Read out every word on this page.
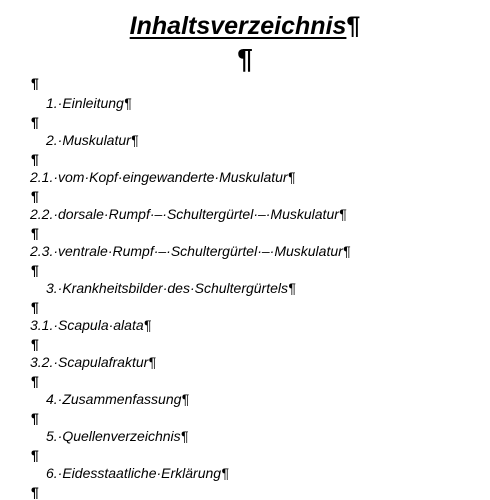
Inhaltsverzeichnis¶
¶
¶
1.·Einleitung¶
¶
2.·Muskulatur¶
¶
2.1.·vom·Kopf·eingewanderte·Muskulatur¶
¶
2.2.·dorsale·Rumpf·–·Schultergürtel·–·Muskulatur¶
¶
2.3.·ventrale·Rumpf·–·Schultergürtel·–·Muskulatur¶
¶
3.·Krankheitsbilder·des·Schultergürtels¶
¶
3.1.·Scapula·alata¶
¶
3.2.·Scapulafraktur¶
¶
4.·Zusammenfassung¶
¶
5.·Quellenverzeichnis¶
¶
6.·Eidesstaatliche·Erklärung¶
¶
